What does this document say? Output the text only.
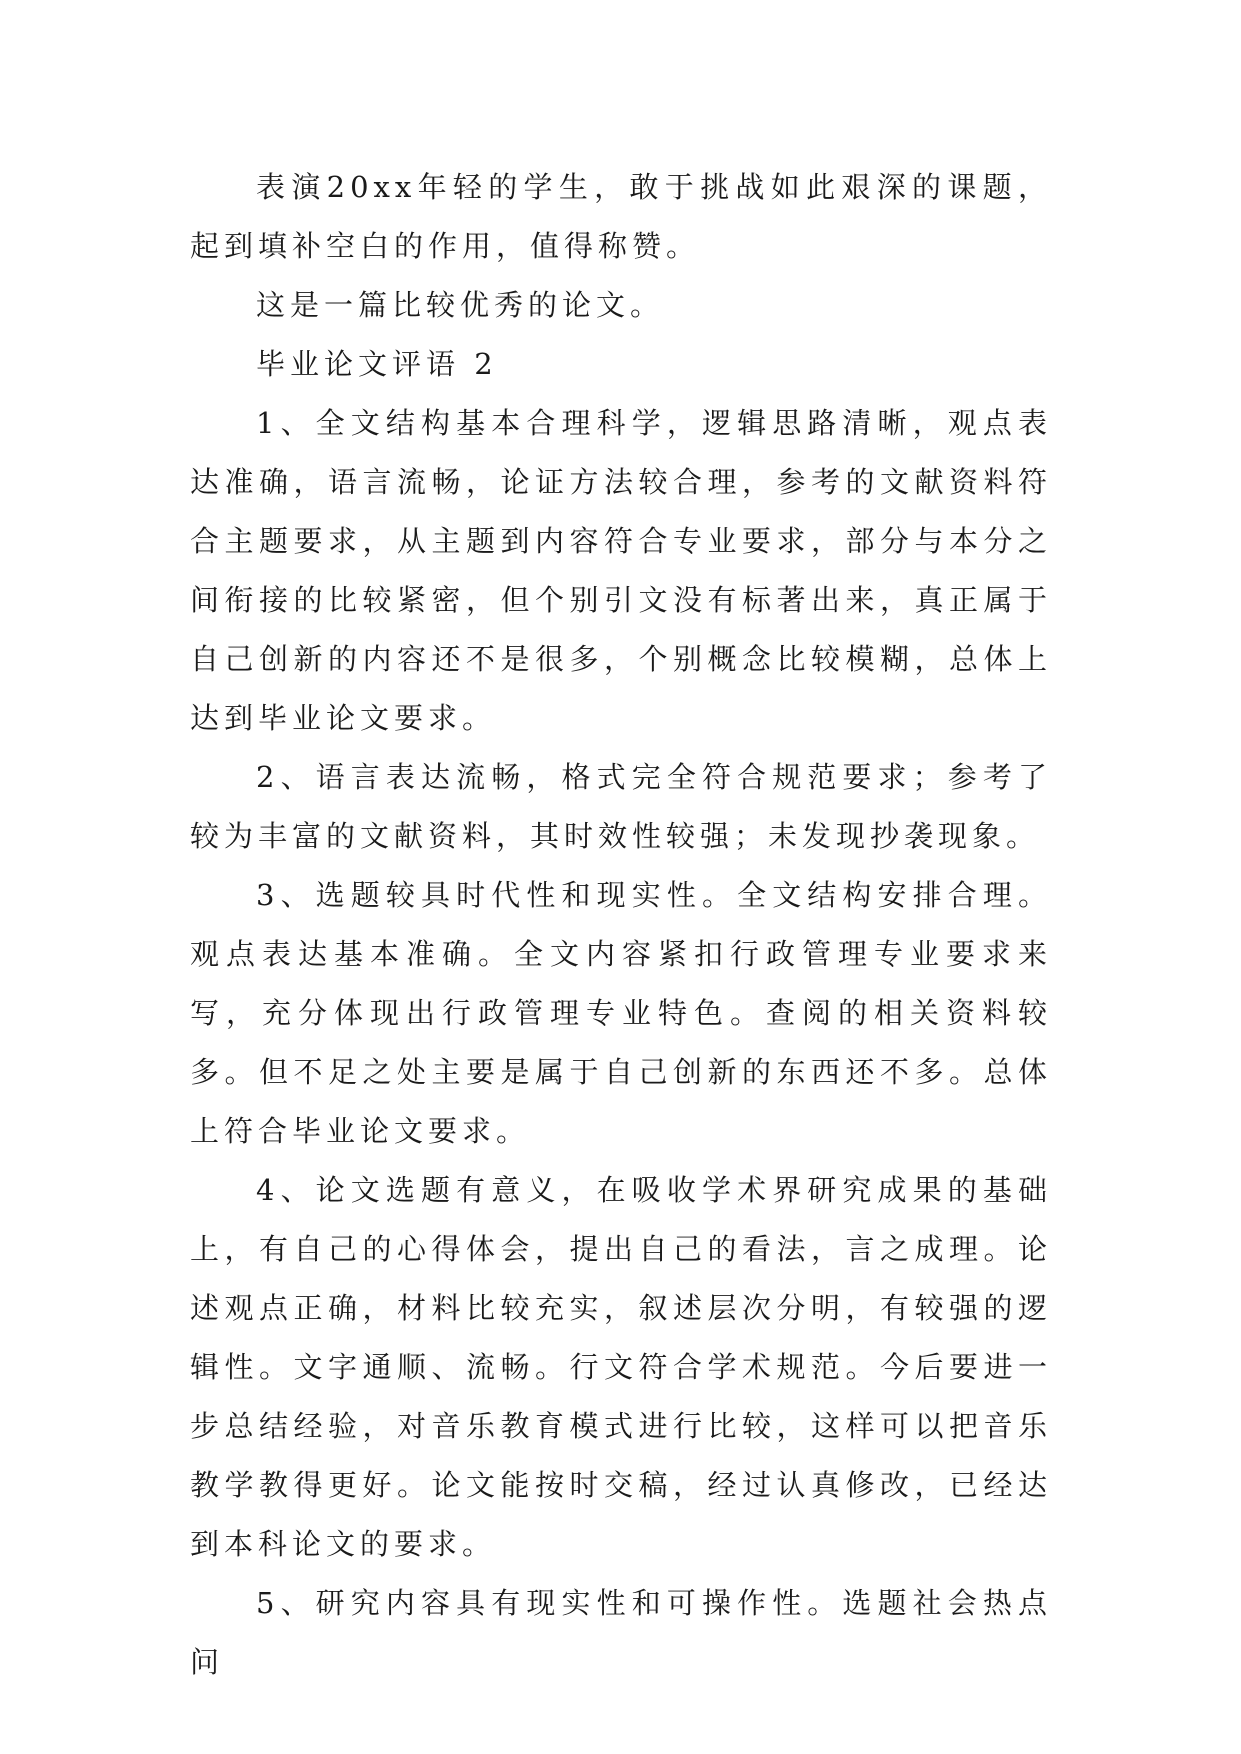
表演20xx年轻的学生，敢于挑战如此艰深的课题，起到填补空白的作用，值得称赞。

这是一篇比较优秀的论文。

毕业论文评语 2

1、全文结构基本合理科学，逻辑思路清晰，观点表达准确，语言流畅，论证方法较合理，参考的文献资料符合主题要求，从主题到内容符合专业要求，部分与本分之间衔接的比较紧密，但个别引文没有标著出来，真正属于自己创新的内容还不是很多，个别概念比较模糊，总体上达到毕业论文要求。

2、语言表达流畅，格式完全符合规范要求；参考了较为丰富的文献资料，其时效性较强；未发现抄袭现象。

3、选题较具时代性和现实性。全文结构安排合理。观点表达基本准确。全文内容紧扣行政管理专业要求来写，充分体现出行政管理专业特色。查阅的相关资料较多。但不足之处主要是属于自己创新的东西还不多。总体上符合毕业论文要求。

4、论文选题有意义，在吸收学术界研究成果的基础上，有自己的心得体会，提出自己的看法，言之成理。论述观点正确，材料比较充实，叙述层次分明，有较强的逻辑性。文字通顺、流畅。行文符合学术规范。今后要进一步总结经验，对音乐教育模式进行比较，这样可以把音乐教学教得更好。论文能按时交稿，经过认真修改，已经达到本科论文的要求。

5、研究内容具有现实性和可操作性。选题社会热点问
